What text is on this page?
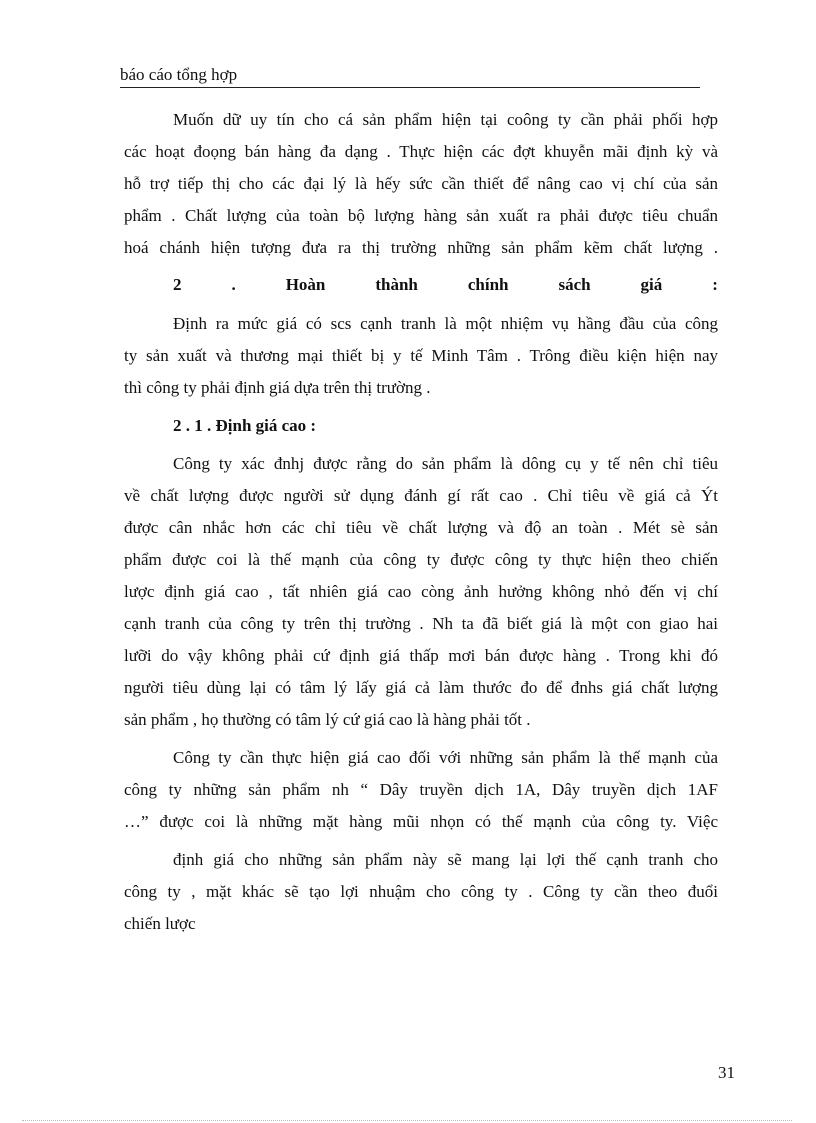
báo cáo tổng hợp
Muốn dữ uy tín cho cá sản phẩm hiện tại coông ty cần phải phối hợp
các hoạt đoọng bán hàng đa dạng . Thực hiện các đợt khuyễn mãi định kỳ và
hỗ trợ tiếp thị cho các đại lý là hếy sức cần thiết để nâng cao vị chí của sản
phẩm . Chất lượng của toàn bộ lượng hàng sản xuất ra phải được tiêu chuẩn
hoá chánh hiện tượng đưa ra thị trường những sản phẩm kẽm chất lượng .
2	.	Hoàn	thành	chính	sách	giá	:
Định ra mức giá có scs cạnh tranh là một nhiệm vụ hầng đầu của công
ty sản xuất và thương mại thiết bị y tế Minh Tâm . Trông điều kiện hiện nay
thì công ty phải định giá dựa trên thị trường .
2 . 1 . Định giá cao :
Công ty xác đnhj được rằng do sản phẩm là dông cụ y tế nên chỉ tiêu
về chất lượng được người sử dụng đánh gí rất cao . Chỉ tiêu về giá cả Ýt
được cân nhắc hơn các chỉ tiêu về chất lượng và độ an toàn . Mét sè sản
phẩm được coi là thế mạnh của công ty được công ty thực hiện theo chiến
lược định giá cao , tất nhiên giá cao còng ảnh hưởng không nhỏ đến vị chí
cạnh tranh của công ty trên thị trường . Nh ta đã biết giá là một con giao hai
lưỡi do vậy không phải cứ định giá thấp mơi bán được hàng . Trong khi đó
người tiêu dùng lại có tâm lý lấy giá cả làm thước đo để đnhs giá chất lượng
sản phẩm , họ thường có tâm lý cứ giá cao là hàng phải tốt .
Công ty cần thực hiện giá cao đối với những sản phẩm là thế mạnh của
công ty những sản phẩm nh “ Dây truyền dịch 1A, Dây truyền dịch 1AF
…” được coi là những mặt hàng mũi nhọn có thế mạnh của công ty. Việc
định giá cho những sản phẩm này sẽ mang lại lợi thế cạnh tranh cho
công ty , mặt khác sẽ tạo lợi nhuậm cho công ty . Công ty cần theo đuổi
chiến lược
31
